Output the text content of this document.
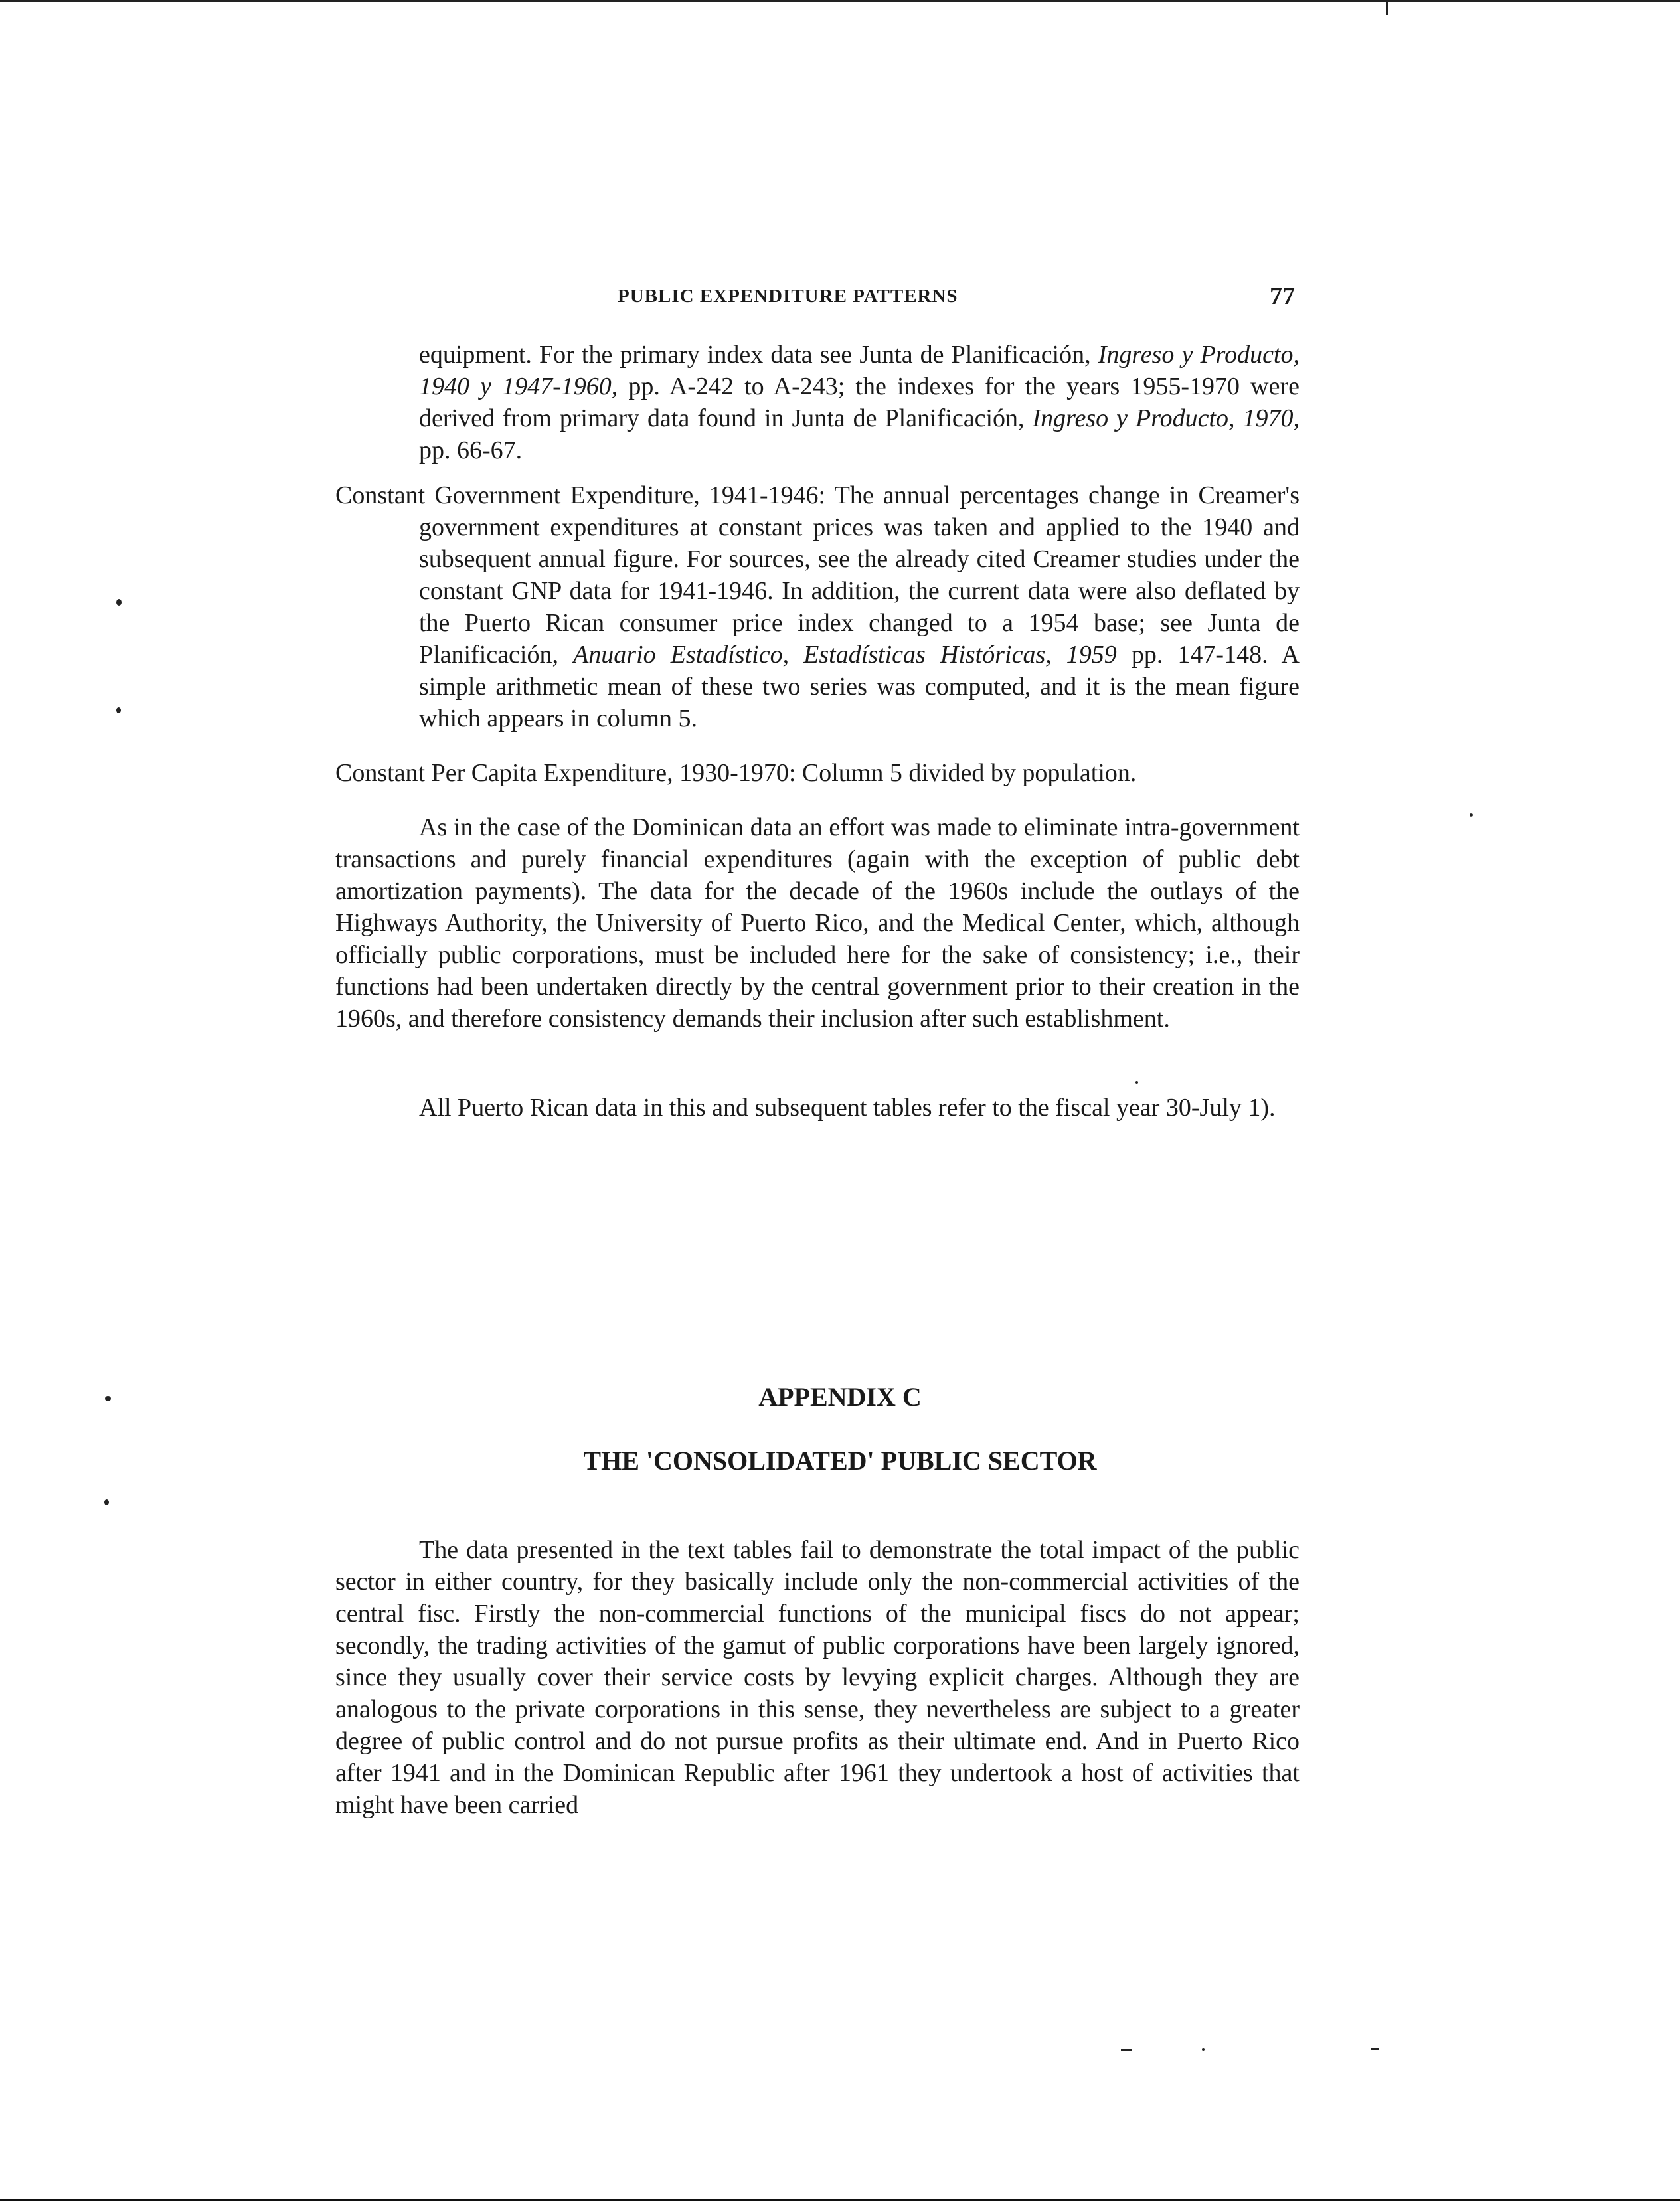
PUBLIC EXPENDITURE PATTERNS	77

equipment. For the primary index data see Junta de Planificación, Ingreso y Producto, 1940 y 1947-1960, pp. A-242 to A-243; the indexes for the years 1955-1970 were derived from primary data found in Junta de Planificación, Ingreso y Producto, 1970, pp. 66-67.

Constant Government Expenditure, 1941-1946: The annual percentages change in Creamer's government expenditures at constant prices was taken and applied to the 1940 and subsequent annual figure. For sources, see the already cited Creamer studies under the constant GNP data for 1941-1946. In addition, the current data were also deflated by the Puerto Rican consumer price index changed to a 1954 base; see Junta de Planificación, Anuario Estadístico, Estadísticas Históricas, 1959 pp. 147-148. A simple arithmetic mean of these two series was computed, and it is the mean figure which appears in column 5.
Constant Per Capita Expenditure, 1930-1970: Column 5 divided by population.

As in the case of the Dominican data an effort was made to eliminate intra-government transactions and purely financial expenditures (again with the exception of public debt amortization payments). The data for the decade of the 1960s include the outlays of the Highways Authority, the University of Puerto Rico, and the Medical Center, which, although officially public corporations, must be included here for the sake of consistency; i.e., their functions had been undertaken directly by the central government prior to their creation in the 1960s, and therefore consistency demands their inclusion after such establishment.

All Puerto Rican data in this and subsequent tables refer to the fiscal year 30-July 1).

APPENDIX C
THE 'CONSOLIDATED' PUBLIC SECTOR

The data presented in the text tables fail to demonstrate the total impact of the public sector in either country, for they basically include only the non-commercial activities of the central fisc. Firstly the non-commercial functions of the municipal fiscs do not appear; secondly, the trading activities of the gamut of public corporations have been largely ignored, since they usually cover their service costs by levying explicit charges. Although they are analogous to the private corporations in this sense, they nevertheless are subject to a greater degree of public control and do not pursue profits as their ultimate end. And in Puerto Rico after 1941 and in the Dominican Republic after 1961 they undertook a host of activities that might have been carried
